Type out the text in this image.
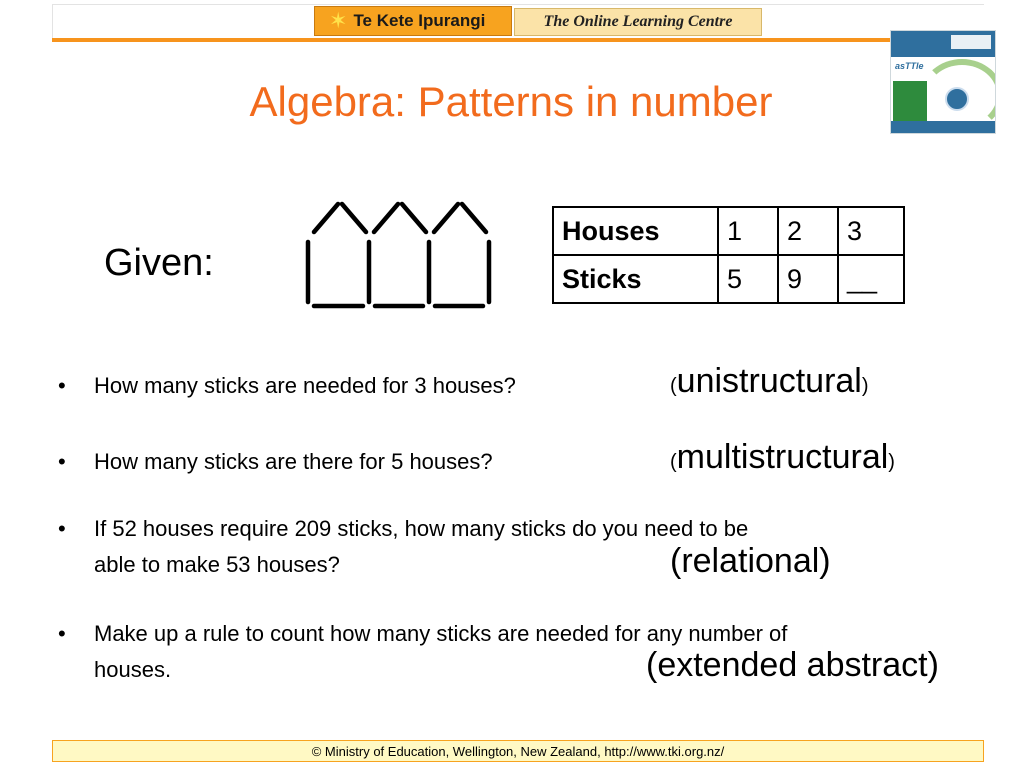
✶ Te Kete Ipurangi	The Online Learning Centre
asTTle
Algebra: Patterns in number
Given:
Houses	1	2	3
Sticks	5	9	__
• How many sticks are needed for 3 houses?	(unistructural)
• How many sticks are there for 5 houses?	(multistructural)
• If 52 houses require 209 sticks, how many sticks do you need to be
able to make 53 houses?	(relational)
• Make up a rule to count how many sticks are needed for any number of
houses.	(extended abstract)
© Ministry of Education, Wellington, New Zealand, http://www.tki.org.nz/
